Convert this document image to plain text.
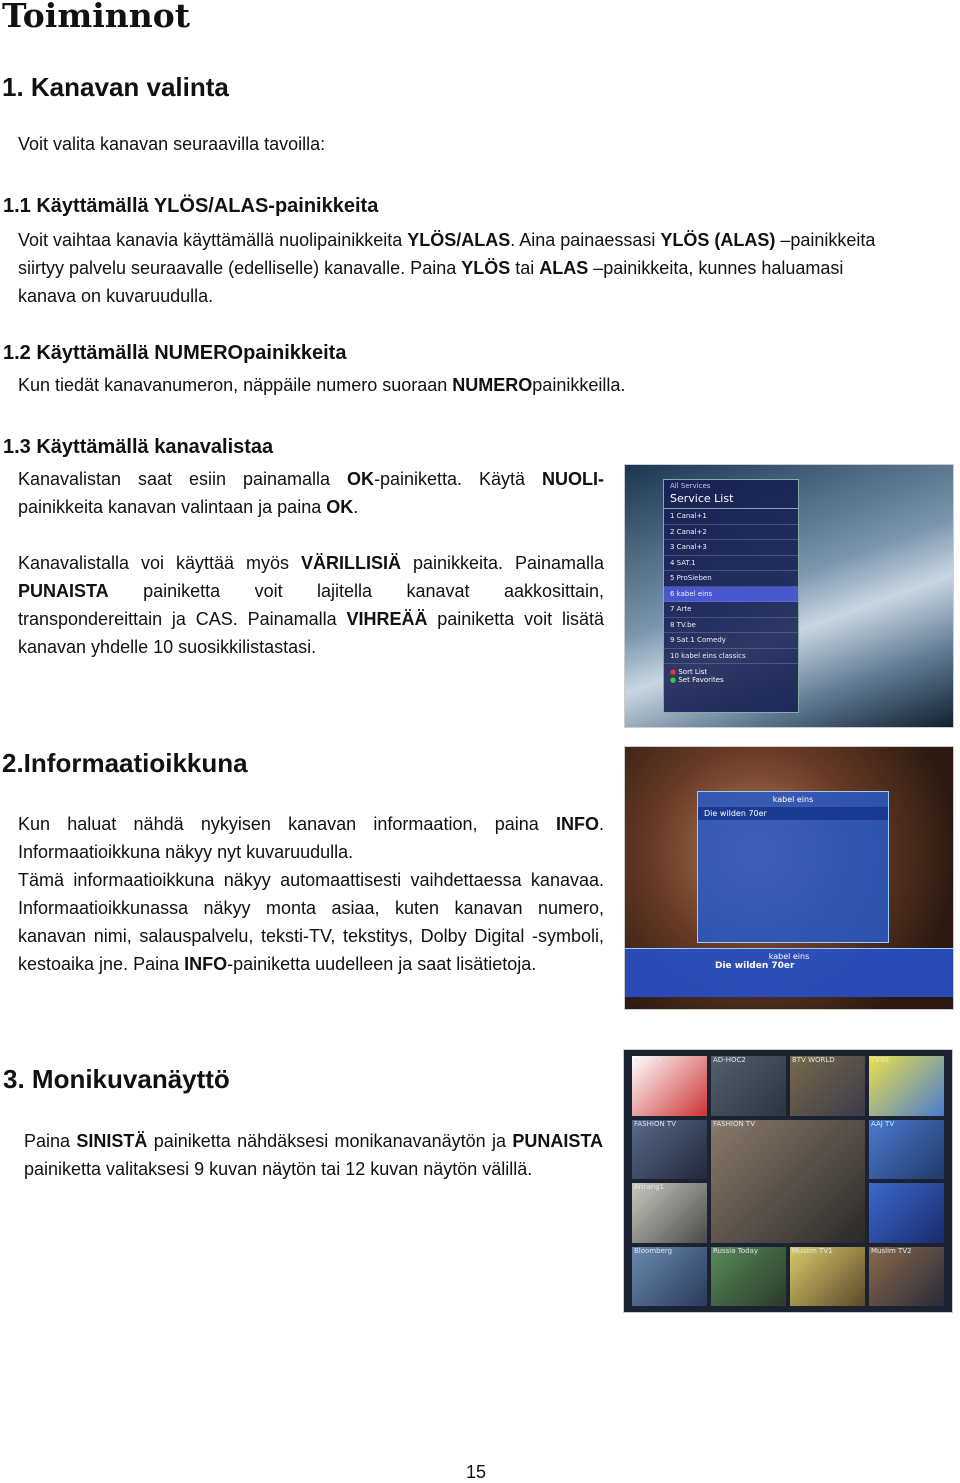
Toiminnot
1. Kanavan valinta
Voit valita kanavan seuraavilla tavoilla:
1.1 Käyttämällä YLÖS/ALAS-painikkeita
Voit vaihtaa kanavia käyttämällä nuolipainikkeita YLÖS/ALAS. Aina painaessasi YLÖS (ALAS) –painikkeita
siirtyy palvelu seuraavalle (edelliselle) kanavalle. Paina YLÖS tai ALAS –painikkeita, kunnes haluamasi
kanava on kuvaruudulla.
1.2 Käyttämällä NUMEROpainikkeita
Kun tiedät kanavanumeron, näppäile numero suoraan NUMEROpainikkeilla.
1.3 Käyttämällä kanavalistaa
Kanavalistan saat esiin painamalla OK-painiketta. Käytä NUOLI-painikkeita kanavan valintaan ja paina OK.
Kanavalistalla voi käyttää myös VÄRILLISIÄ painikkeita. Painamalla PUNAISTA painiketta voit lajitella kanavat aakkosittain, transpondereittain ja CAS. Painamalla VIHREÄÄ painiketta voit lisätä kanavan yhdelle 10 suosikkilistastasi.
All Services
Service List
1 Canal+1
2 Canal+2
3 Canal+3
4 SAT.1
5 ProSieben
6 kabel eins
7 Arte
8 TV.be
9 Sat.1 Comedy
10 kabel eins classics
● Sort List
● Set Favorites
2.Informaatioikkuna
Kun haluat nähdä nykyisen kanavan informaation, paina INFO. Informaatioikkuna näkyy nyt kuvaruudulla.
Tämä informaatioikkuna näkyy automaattisesti vaihdettaessa kanavaa. Informaatioikkunassa näkyy monta asiaa, kuten kanavan numero, kanavan nimi, salauspalvelu, teksti-TV, tekstitys, Dolby Digital -symboli, kestoaika jne. Paina INFO-painiketta uudelleen ja saat lisätietoja.
kabel eins
Die wilden 70er
kabel eins
Die wilden 70er
3. Monikuvanäyttö
Paina SINISTÄ painiketta nähdäksesi monikanavanäytön ja PUNAISTA painiketta valitaksesi 9 kuvan näytön tai 12 kuvan näytön välillä.
AZIO TV	AD-HOC2	BTV WORLD	TV88
FASHION TV	FASHION TV	AAJ TV
Arirang1
Bloomberg	Russia Today	Muslim TV1	Muslim TV2
15
